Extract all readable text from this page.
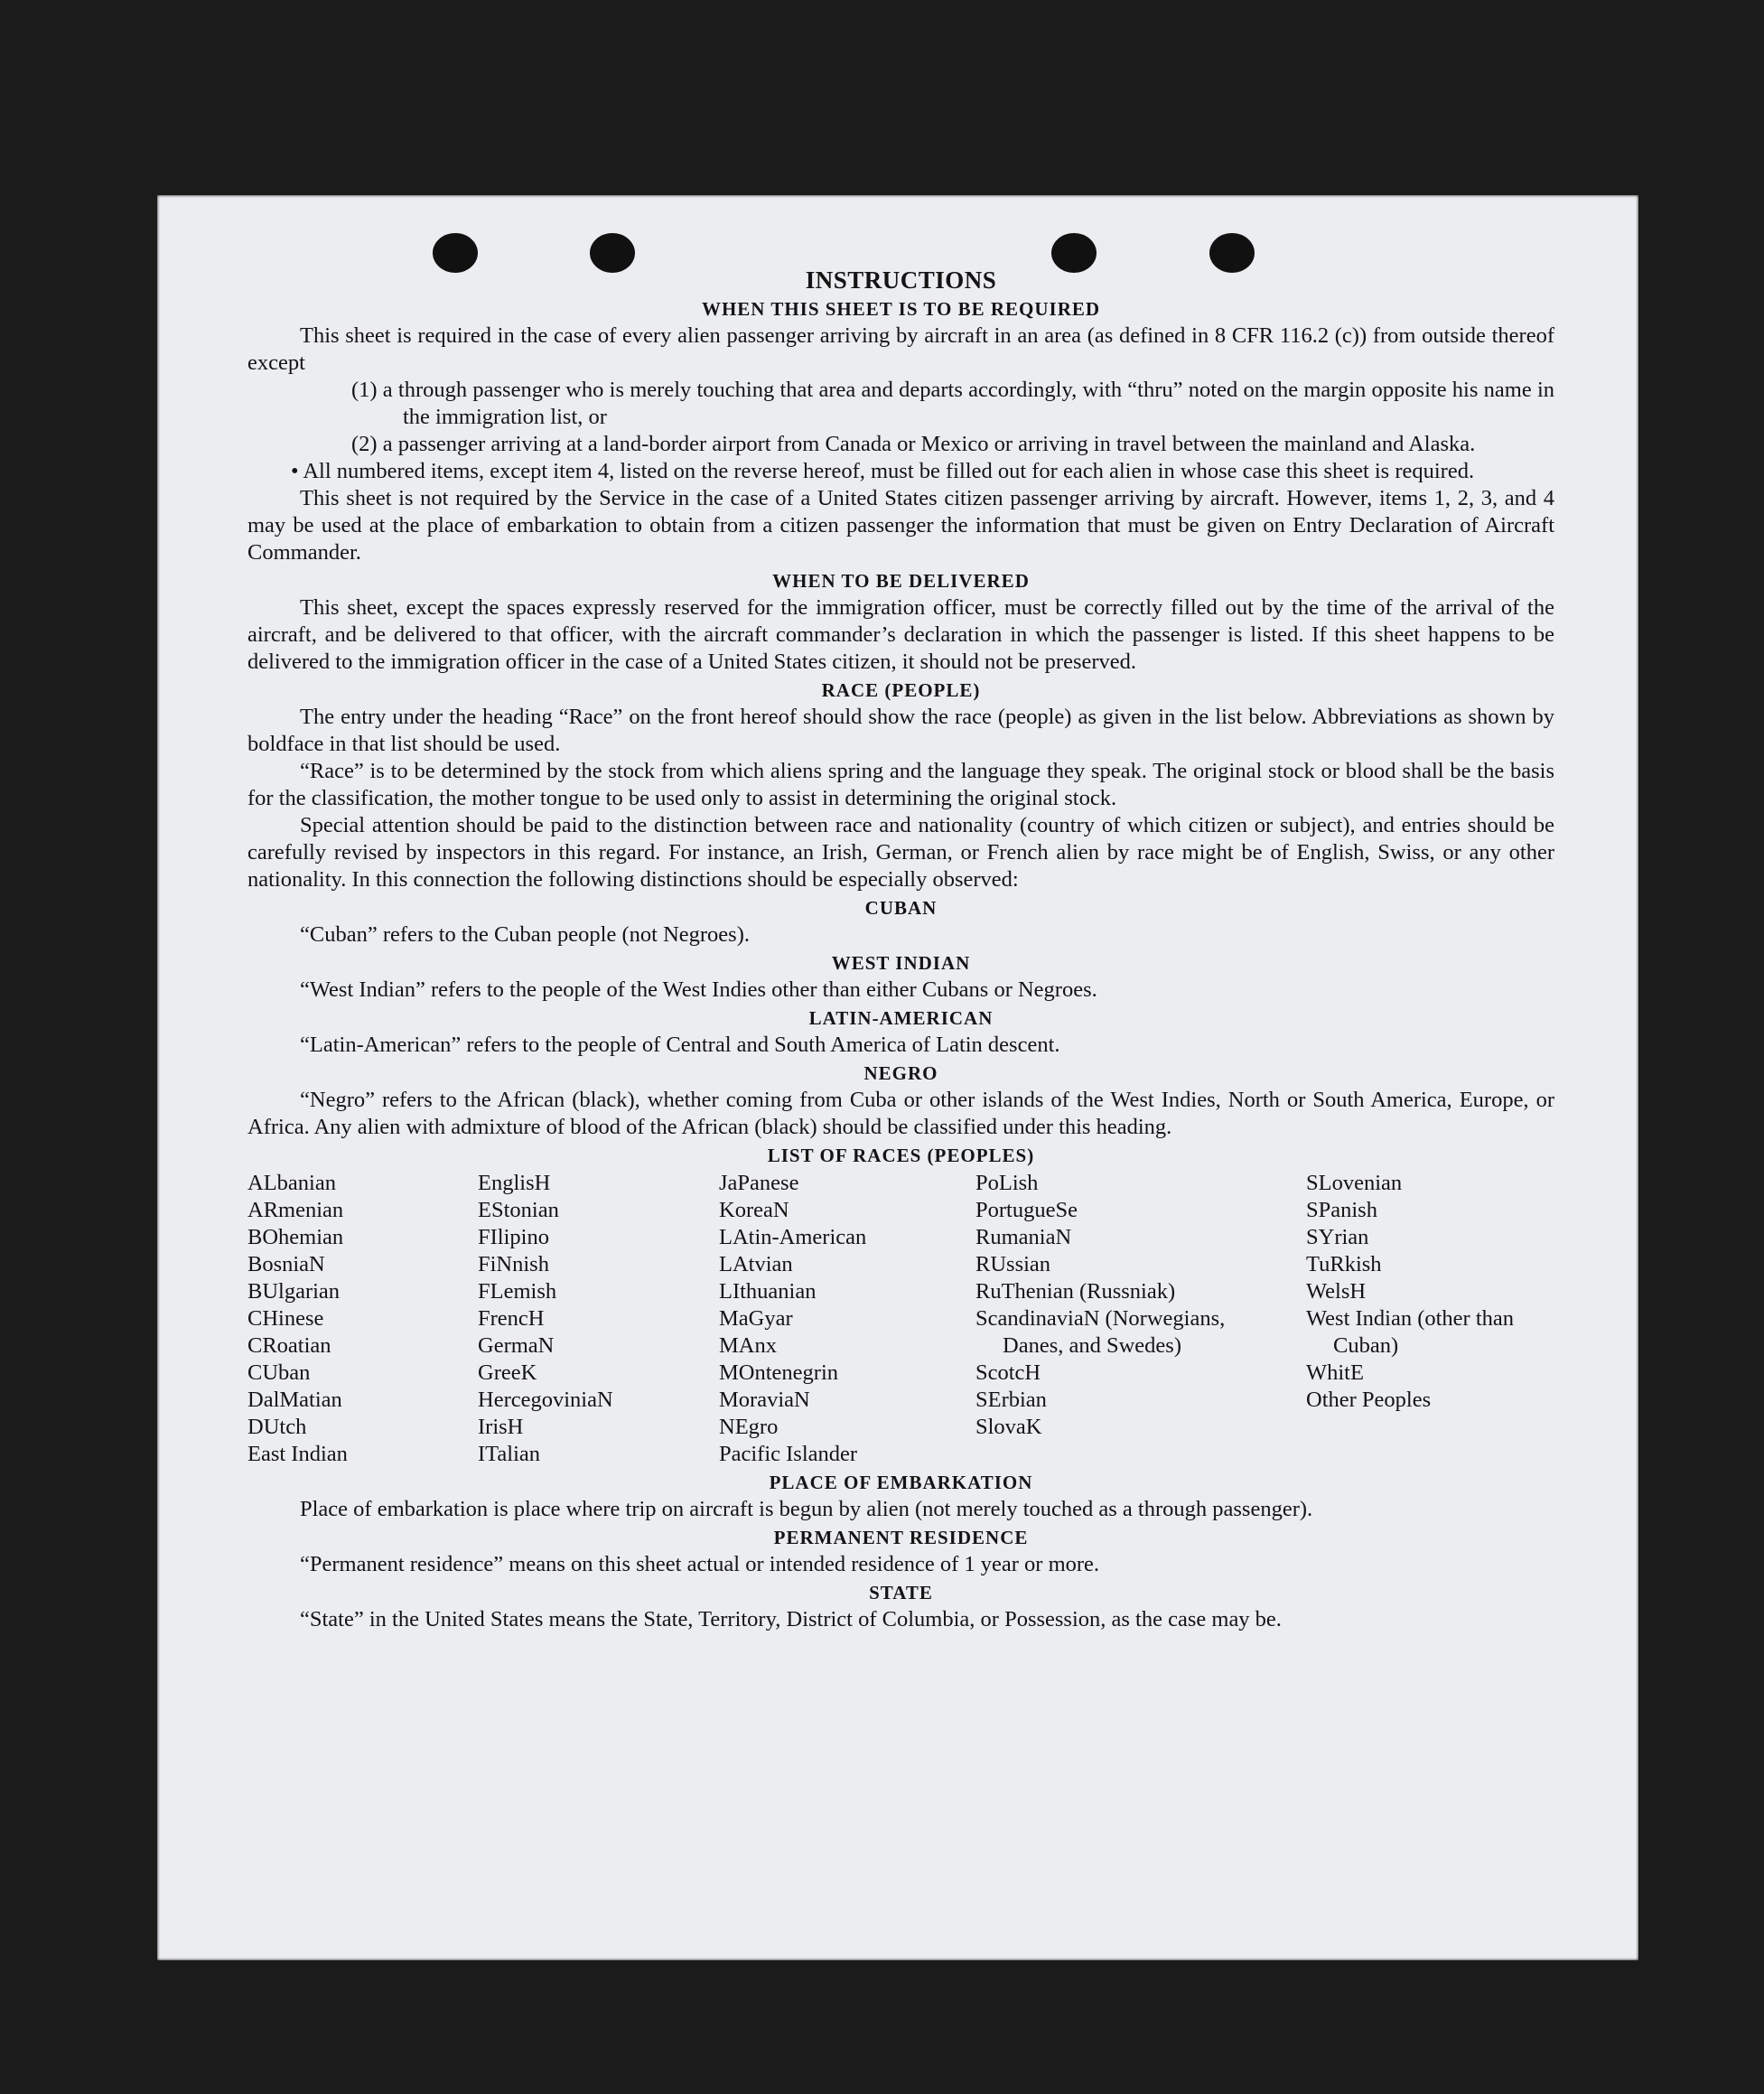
INSTRUCTIONS
WHEN THIS SHEET IS TO BE REQUIRED

This sheet is required in the case of every alien passenger arriving by aircraft in an area (as defined in 8 CFR 116.2 (c)) from outside thereof except

(1) a through passenger who is merely touching that area and departs accordingly, with “thru” noted on the margin opposite his name in the immigration list, or

(2) a passenger arriving at a land-border airport from Canada or Mexico or arriving in travel between the mainland and Alaska.

• All numbered items, except item 4, listed on the reverse hereof, must be filled out for each alien in whose case this sheet is required.

This sheet is not required by the Service in the case of a United States citizen passenger arriving by aircraft. However, items 1, 2, 3, and 4 may be used at the place of embarkation to obtain from a citizen passenger the information that must be given on Entry Declaration of Aircraft Commander.

WHEN TO BE DELIVERED

This sheet, except the spaces expressly reserved for the immigration officer, must be correctly filled out by the time of the arrival of the aircraft, and be delivered to that officer, with the aircraft commander’s declaration in which the passenger is listed. If this sheet happens to be delivered to the immigration officer in the case of a United States citizen, it should not be preserved.

RACE (PEOPLE)

The entry under the heading “Race” on the front hereof should show the race (people) as given in the list below. Abbreviations as shown by boldface in that list should be used.

“Race” is to be determined by the stock from which aliens spring and the language they speak. The original stock or blood shall be the basis for the classification, the mother tongue to be used only to assist in determining the original stock.

Special attention should be paid to the distinction between race and nationality (country of which citizen or subject), and entries should be carefully revised by inspectors in this regard. For instance, an Irish, German, or French alien by race might be of English, Swiss, or any other nationality. In this connection the following distinctions should be especially observed:

CUBAN

“Cuban” refers to the Cuban people (not Negroes).

WEST INDIAN

“West Indian” refers to the people of the West Indies other than either Cubans or Negroes.

LATIN-AMERICAN

“Latin-American” refers to the people of Central and South America of Latin descent.

NEGRO

“Negro” refers to the African (black), whether coming from Cuba or other islands of the West Indies, North or South America, Europe, or Africa. Any alien with admixture of blood of the African (black) should be classified under this heading.

LIST OF RACES (PEOPLES)
ALbanian
ARmenian
BOhemian
BosniaN
BUlgarian
CHinese
CRoatian
CUban
DalMatian
DUtch
East Indian
EnglisH
EStonian
FIlipino
FiNnish
FLemish
FrencH
GermaN
GreeK
HercegoviniaN
IrisH
ITalian
JaPanese
KoreaN
LAtin-American
LAtvian
LIthuanian
MaGyar
MAnx
MOntenegrin
MoraviaN
NEgro
Pacific Islander
PoLish
PortugueSe
RumaniaN
RUssian
RuThenian (Russniak)
ScandinaviaN (Norwegians, Danes, and Swedes)
ScotcH
SErbian
SlovaK
SLovenian
SPanish
SYrian
TuRkish
WelsH
West Indian (other than Cuban)
WhitE
Other Peoples
PLACE OF EMBARKATION

Place of embarkation is place where trip on aircraft is begun by alien (not merely touched as a through passenger).

PERMANENT RESIDENCE

“Permanent residence” means on this sheet actual or intended residence of 1 year or more.

STATE

“State” in the United States means the State, Territory, District of Columbia, or Possession, as the case may be.
